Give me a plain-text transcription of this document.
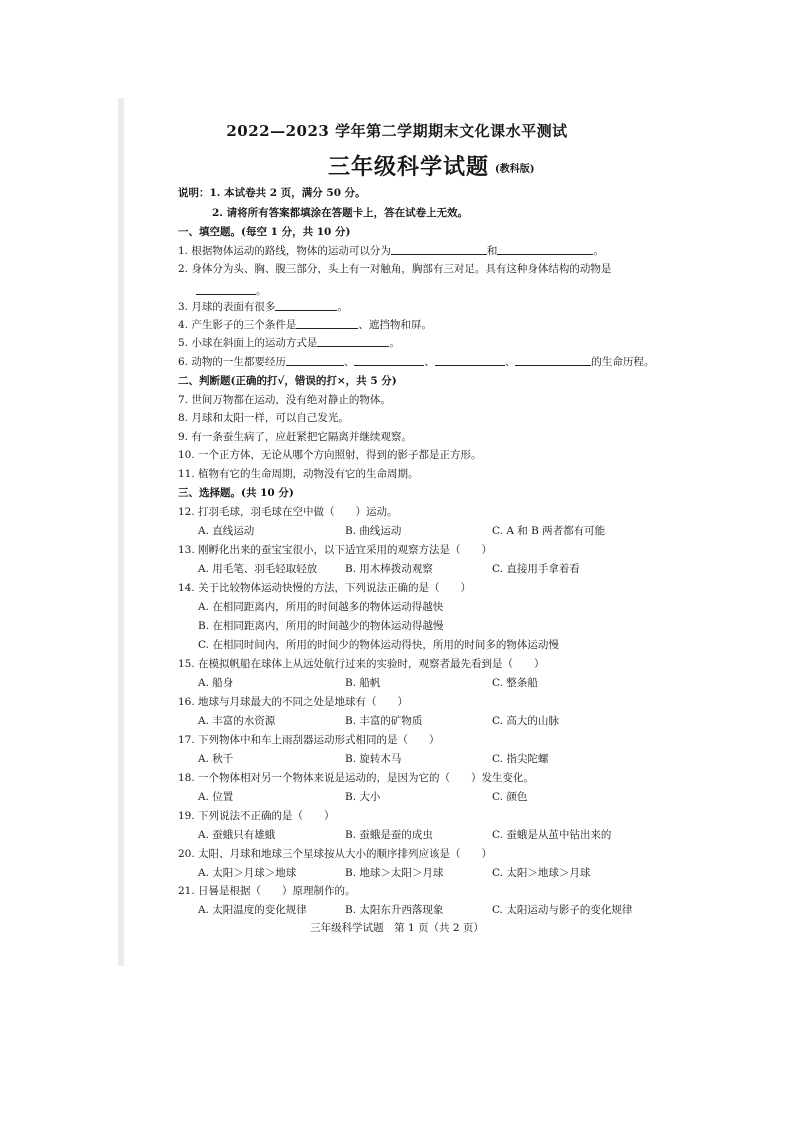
2022—2023 学年第二学期期末文化课水平测试
三年级科学试题 (教科版)
说明：1. 本试卷共 2 页，满分 50 分。
2. 请将所有答案都填涂在答题卡上，答在试卷上无效。
一、填空题。(每空 1 分，共 10 分)
1. 根据物体运动的路线，物体的运动可以分为	和	。
2. 身体分为头、胸、腹三部分，头上有一对触角，胸部有三对足。具有这种身体结构的动物是
。
3. 月球的表面有很多	。
4. 产生影子的三个条件是	、遮挡物和屏。
5. 小球在斜面上的运动方式是	。
6. 动物的一生都要经历	、	、	、	的生命历程。
二、判断题(正确的打√，错误的打×，共 5 分)
7. 世间万物都在运动，没有绝对静止的物体。
8. 月球和太阳一样，可以自己发光。
9. 有一条蚕生病了，应赶紧把它隔离并继续观察。
10. 一个正方体，无论从哪个方向照射，得到的影子都是正方形。
11. 植物有它的生命周期，动物没有它的生命周期。
三、选择题。(共 10 分)
12. 打羽毛球，羽毛球在空中做（　　）运动。
A. 直线运动	B. 曲线运动	C. A 和 B 两者都有可能
13. 刚孵化出来的蚕宝宝很小，以下适宜采用的观察方法是（　　）
A. 用毛笔、羽毛轻取轻放	B. 用木棒拨动观察	C. 直接用手拿着看
14. 关于比较物体运动快慢的方法，下列说法正确的是（　　）
A. 在相同距离内，所用的时间越多的物体运动得越快
B. 在相同距离内，所用的时间越少的物体运动得越慢
C. 在相同时间内，所用的时间少的物体运动得快，所用的时间多的物体运动慢
15. 在模拟帆船在球体上从远处航行过来的实验时，观察者最先看到是（　　）
A. 船身	B. 船帆	C. 整条船
16. 地球与月球最大的不同之处是地球有（　　）
A. 丰富的水资源	B. 丰富的矿物质	C. 高大的山脉
17. 下列物体中和车上雨刮器运动形式相同的是（　　）
A. 秋千	B. 旋转木马	C. 指尖陀螺
18. 一个物体相对另一个物体来说是运动的，是因为它的（　　）发生变化。
A. 位置	B. 大小	C. 颜色
19. 下列说法不正确的是（　　）
A. 蚕蛾只有雄蛾	B. 蚕蛾是蚕的成虫	C. 蚕蛾是从茧中钻出来的
20. 太阳、月球和地球三个星球按从大小的顺序排列应该是（　　）
A. 太阳＞月球＞地球	B. 地球＞太阳＞月球	C. 太阳＞地球＞月球
21. 日晷是根据（　　）原理制作的。
A. 太阳温度的变化规律	B. 太阳东升西落现象	C. 太阳运动与影子的变化规律
三年级科学试题　第 1 页（共 2 页）
